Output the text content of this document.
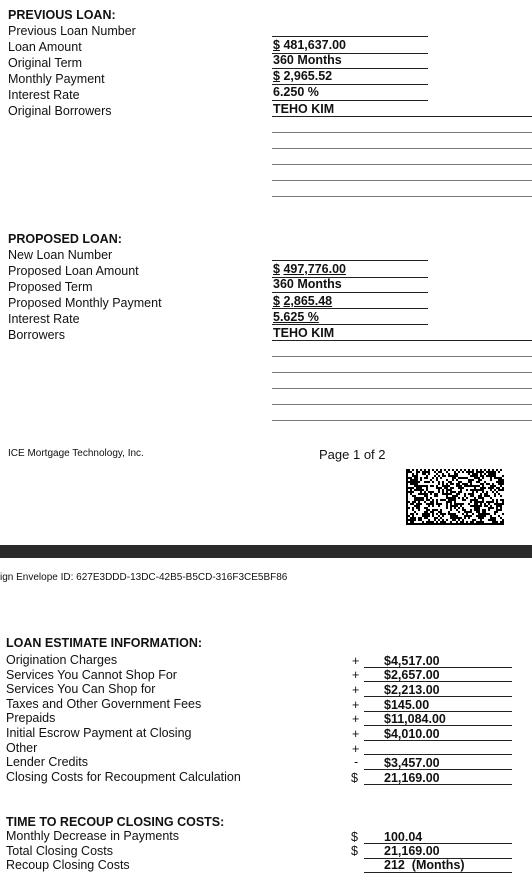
PREVIOUS LOAN:
Previous Loan Number
Loan Amount
Original Term
Monthly Payment
Interest Rate
Original Borrowers
$ 481,637.00
360 Months
$ 2,965.52
6.250 %
TEHO KIM
PROPOSED LOAN:
New Loan Number
Proposed Loan Amount
Proposed Term
Proposed Monthly Payment
Interest Rate
Borrowers
$ 497,776.00
360 Months
$ 2,865.48
5.625 %
TEHO KIM
ICE Mortgage Technology, Inc.	Page 1 of 2
ign Envelope ID: 627E3DDD-13DC-42B5-B5CD-316F3CE5BF86
LOAN ESTIMATE INFORMATION:
Origination Charges
Services You Cannot Shop For
Services You Can Shop for
Taxes and Other Government Fees
Prepaids
Initial Escrow Payment at Closing
Other
Lender Credits
Closing Costs for Recoupment Calculation
+
+
+
+
+
+
+
-
$
$4,517.00
$2,657.00
$2,213.00
$145.00
$11,084.00
$4,010.00
$3,457.00
21,169.00
TIME TO RECOUP CLOSING COSTS:
Monthly Decrease in Payments
Total Closing Costs
Recoup Closing Costs
$
$
100.04
21,169.00
212  (Months)
